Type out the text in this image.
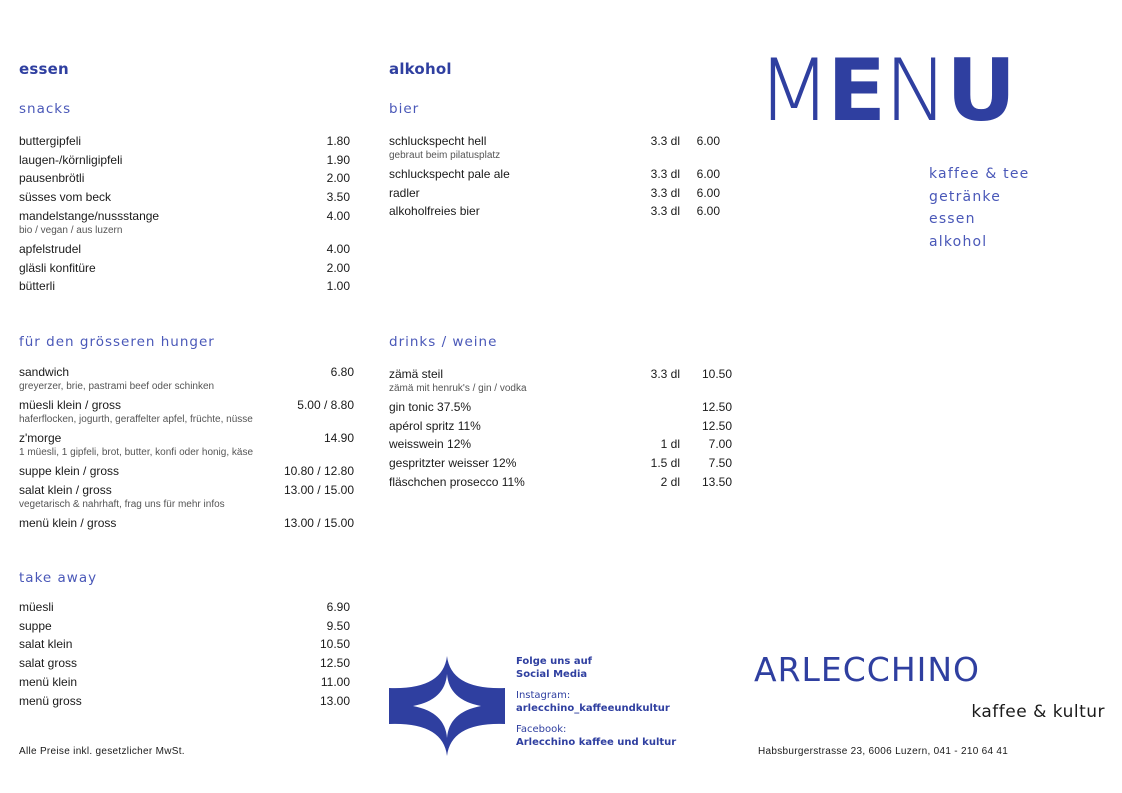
essen
snacks
buttergipfeli	1.80
laugen-/körnligipfeli	1.90
pausenbrötli	2.00
süsses vom beck	3.50
mandelstange/nussstange	4.00
bio / vegan / aus luzern
apfelstrudel	4.00
gläsli konfitüre	2.00
bütterli	1.00
für den grösseren hunger
sandwich	6.80
greyerzer, brie, pastrami beef oder schinken
müesli klein / gross	5.00 / 8.80
haferflocken, jogurth, geraffelter apfel, früchte, nüsse
z'morge	14.90
1 müesli, 1 gipfeli, brot, butter, konfi oder honig, käse
suppe klein / gross	10.80 / 12.80
salat klein / gross	13.00 / 15.00
vegetarisch & nahrhaft, frag uns für mehr infos
menü klein / gross	13.00 / 15.00
take away
müesli	6.90
suppe	9.50
salat klein	10.50
salat gross	12.50
menü klein	11.00
menü gross	13.00
Alle Preise inkl. gesetzlicher MwSt.
alkohol
bier
schluckspecht hell	3.3 dl 6.00
gebraut beim pilatusplatz
schluckspecht pale ale	3.3 dl 6.00
radler	3.3 dl 6.00
alkoholfreies bier	3.3 dl 6.00
drinks / weine
zämä steil	3.3 dl 10.50
zämä mit henruk's / gin / vodka
gin tonic 37.5%	12.50
apérol spritz 11%	12.50
weisswein 12%	1 dl 7.00
gespritzter weisser 12%	1.5 dl 7.50
fläschchen prosecco 11%	2 dl 13.50
Folge uns auf
Social Media
Instagram:
arlecchino_kaffeeundkultur
Facebook:
Arlecchino kaffee und kultur
MENU
kaffee & tee
getränke
essen
alkohol
ARLECCHINO
kaffee & kultur
Habsburgerstrasse 23, 6006 Luzern, 041 - 210 64 41
